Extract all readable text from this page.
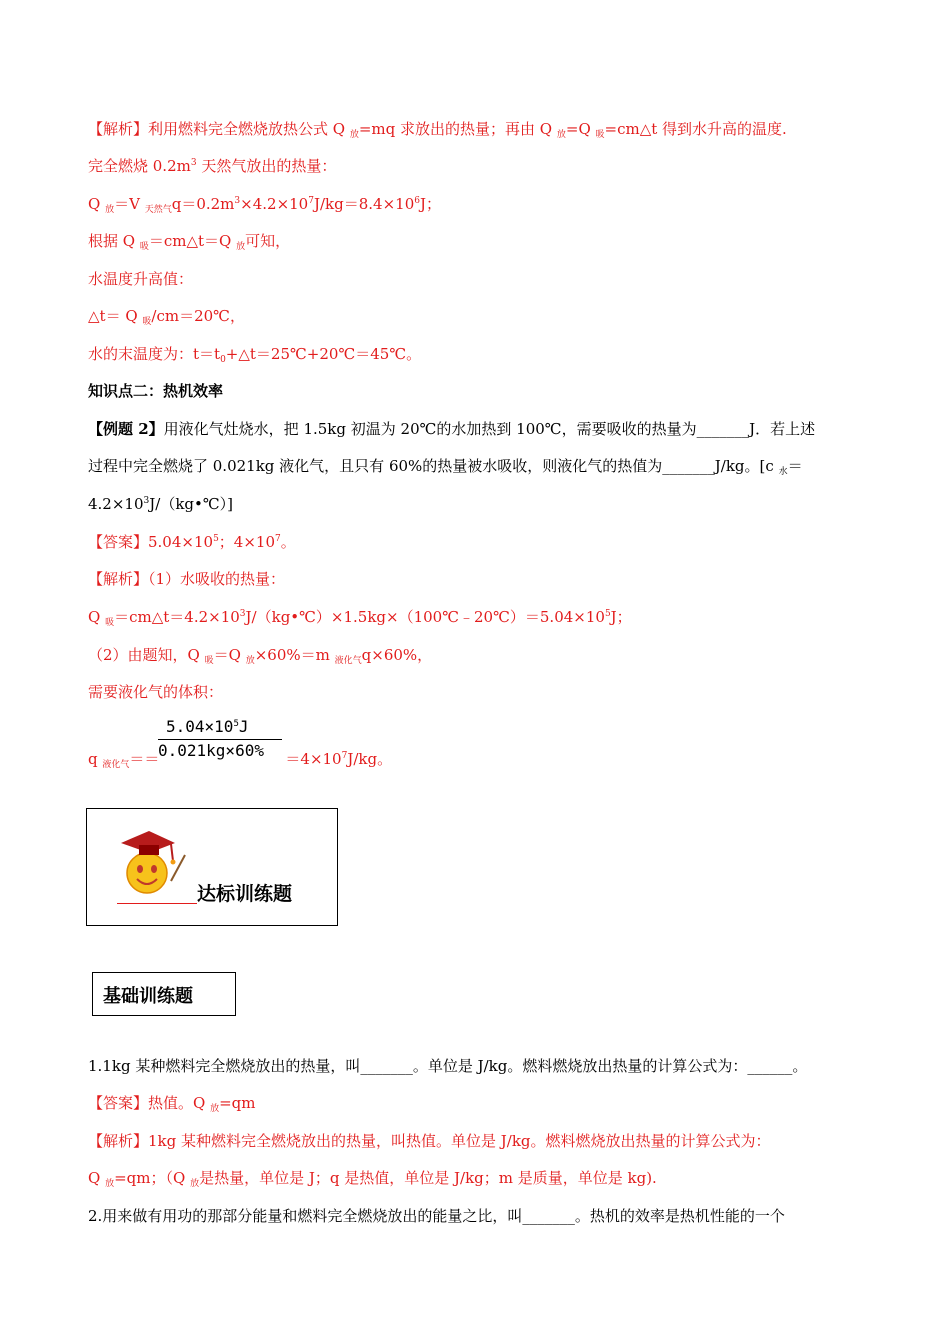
【解析】利用燃料完全燃烧放热公式 Q $_放$=mq 求放出的热量；再由 Q $_放$=Q $_吸$=cm△t 得到水升高的温度.
完全燃烧 $0.2m^3$ 天然气放出的热量：
Q $_放$＝V $_{天然气}q=0.2m^3\times 4.2\times 10^7J/kg=8.4\times 10^6J$；
根据 Q $_吸$＝cm△t＝Q $_放$可知，
水温度升高值：
△t＝ Q $_吸$/cm＝20℃，
水的末温度为：$t=t_0+\triangle t=25℃+20℃=45℃$。
知识点二：热机效率
【例题 2】用液化气灶烧水，把 1.5kg 初温为 20℃的水加热到 100℃，需要吸收的热量为_______J．若上述
过程中完全燃烧了 0.021kg 液化气，且只有 60%的热量被水吸收，则液化气的热值为_______J/kg。[c $_水$＝
$4.2\times 10^3J/(kg•℃)$]
【答案】$5.04\times 10^5$；$4\times 10^7$。
【解析】（1）水吸收的热量：
Q $_吸=cm\triangle t=4.2\times 10^3J/(kg•℃)\times 1.5kg\times(100℃﹣20℃)=5.04\times 10^5J$；
（2）由题知，Q $_吸$＝Q $_放$×60%＝m $_{液化气}$q×60%，
需要液化气的体积：
$5.04\times 10^5J$
0.021kg×60%
q $_{液化气}$＝＝	$=4\times 10^7J/kg$。
达标训练题
基础训练题
1.1kg 某种燃料完全燃烧放出的热量，叫_______。单位是 J/kg。燃料燃烧放出热量的计算公式为：______。
【答案】热值。Q $_放$=qm
【解析】1kg 某种燃料完全燃烧放出的热量，叫热值。单位是 J/kg。燃料燃烧放出热量的计算公式为：
Q $_放$=qm；（Q $_放$是热量，单位是 J；q 是热值，单位是 J/kg；m 是质量，单位是 kg).
2.用来做有用功的那部分能量和燃料完全燃烧放出的能量之比，叫_______。热机的效率是热机性能的一个
